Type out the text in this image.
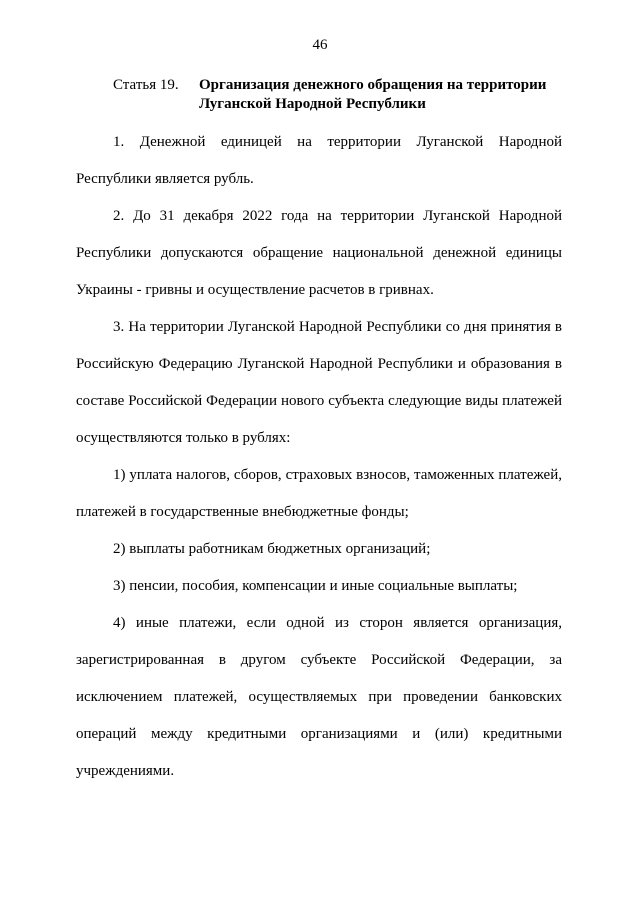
46
Статья 19. Организация денежного обращения на территории Луганской Народной Республики

1. Денежной единицей на территории Луганской Народной Республики является рубль.

2. До 31 декабря 2022 года на территории Луганской Народной Республики допускаются обращение национальной денежной единицы Украины - гривны и осуществление расчетов в гривнах.

3. На территории Луганской Народной Республики со дня принятия в Российскую Федерацию Луганской Народной Республики и образования в составе Российской Федерации нового субъекта следующие виды платежей осуществляются только в рублях:

1) уплата налогов, сборов, страховых взносов, таможенных платежей, платежей в государственные внебюджетные фонды;

2) выплаты работникам бюджетных организаций;

3) пенсии, пособия, компенсации и иные социальные выплаты;

4) иные платежи, если одной из сторон является организация, зарегистрированная в другом субъекте Российской Федерации, за исключением платежей, осуществляемых при проведении банковских операций между кредитными организациями и (или) кредитными учреждениями.
